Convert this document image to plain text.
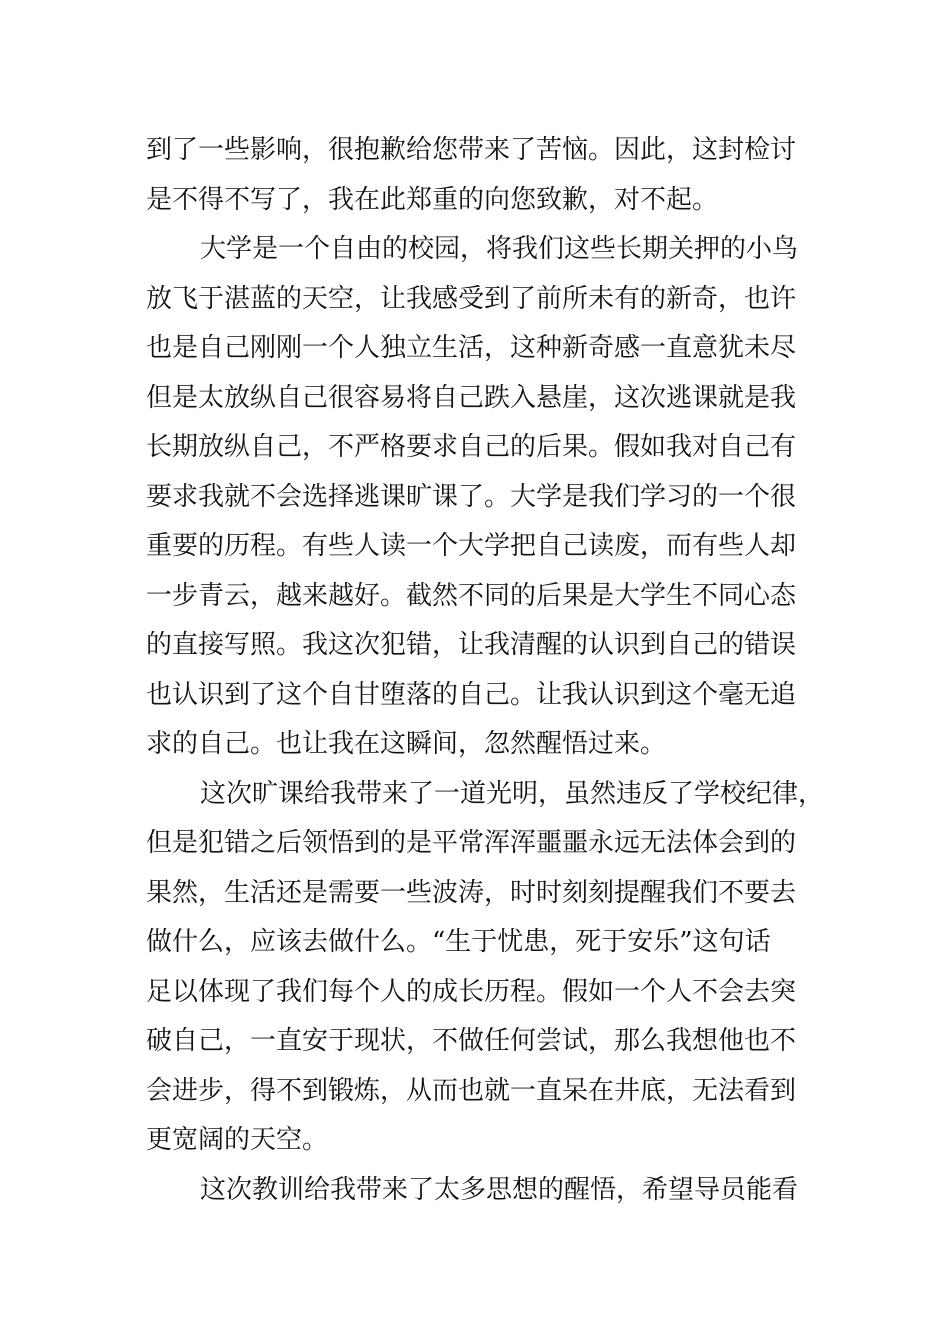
到了一些影响，很抱歉给您带来了苦恼。因此，这封检讨
是不得不写了，我在此郑重的向您致歉，对不起。
大学是一个自由的校园，将我们这些长期关押的小鸟
放飞于湛蓝的天空，让我感受到了前所未有的新奇，也许
也是自己刚刚一个人独立生活，这种新奇感一直意犹未尽
但是太放纵自己很容易将自己跌入悬崖，这次逃课就是我
长期放纵自己，不严格要求自己的后果。假如我对自己有
要求我就不会选择逃课旷课了。大学是我们学习的一个很
重要的历程。有些人读一个大学把自己读废，而有些人却
一步青云，越来越好。截然不同的后果是大学生不同心态
的直接写照。我这次犯错，让我清醒的认识到自己的错误
也认识到了这个自甘堕落的自己。让我认识到这个毫无追
求的自己。也让我在这瞬间，忽然醒悟过来。
这次旷课给我带来了一道光明，虽然违反了学校纪律，
但是犯错之后领悟到的是平常浑浑噩噩永远无法体会到的
果然，生活还是需要一些波涛，时时刻刻提醒我们不要去
做什么，应该去做什么。“生于忧患，死于安乐”这句话
足以体现了我们每个人的成长历程。假如一个人不会去突
破自己，一直安于现状，不做任何尝试，那么我想他也不
会进步，得不到锻炼，从而也就一直呆在井底，无法看到
更宽阔的天空。
这次教训给我带来了太多思想的醒悟，希望导员能看
